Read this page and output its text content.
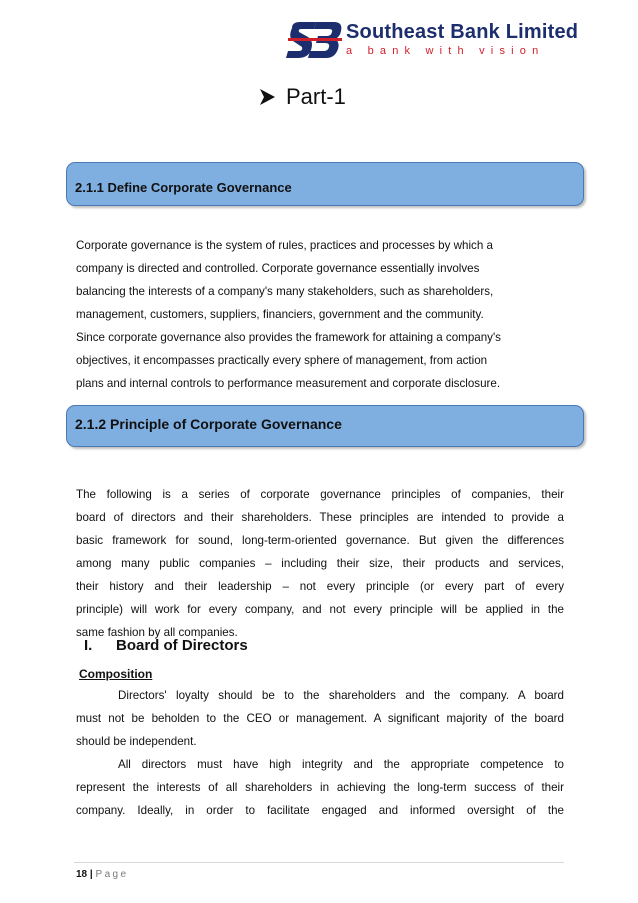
Southeast Bank Limited
a bank with vision
Part-1
2.1.1 Define Corporate Governance
Corporate governance is the system of rules, practices and processes by which a
company is directed and controlled. Corporate governance essentially involves
balancing the interests of a company's many stakeholders, such as shareholders,
management, customers, suppliers, financiers, government and the community.
Since corporate governance also provides the framework for attaining a company's
objectives, it encompasses practically every sphere of management, from action
plans and internal controls to performance measurement and corporate disclosure.
2.1.2 Principle of Corporate Governance
The following is a series of corporate governance principles of companies, their
board of directors and their shareholders. These principles are intended to provide a
basic framework for sound, long-term-oriented governance. But given the differences
among many public companies – including their size, their products and services,
their history and their leadership – not every principle (or every part of every
principle) will work for every company, and not every principle will be applied in the
same fashion by all companies.
I. Board of Directors
Composition
Directors' loyalty should be to the shareholders and the company. A board
must not be beholden to the CEO or management. A significant majority of the board
should be independent.
All directors must have high integrity and the appropriate competence to
represent the interests of all shareholders in achieving the long-term success of their
company. Ideally, in order to facilitate engaged and informed oversight of the
18 | Page
